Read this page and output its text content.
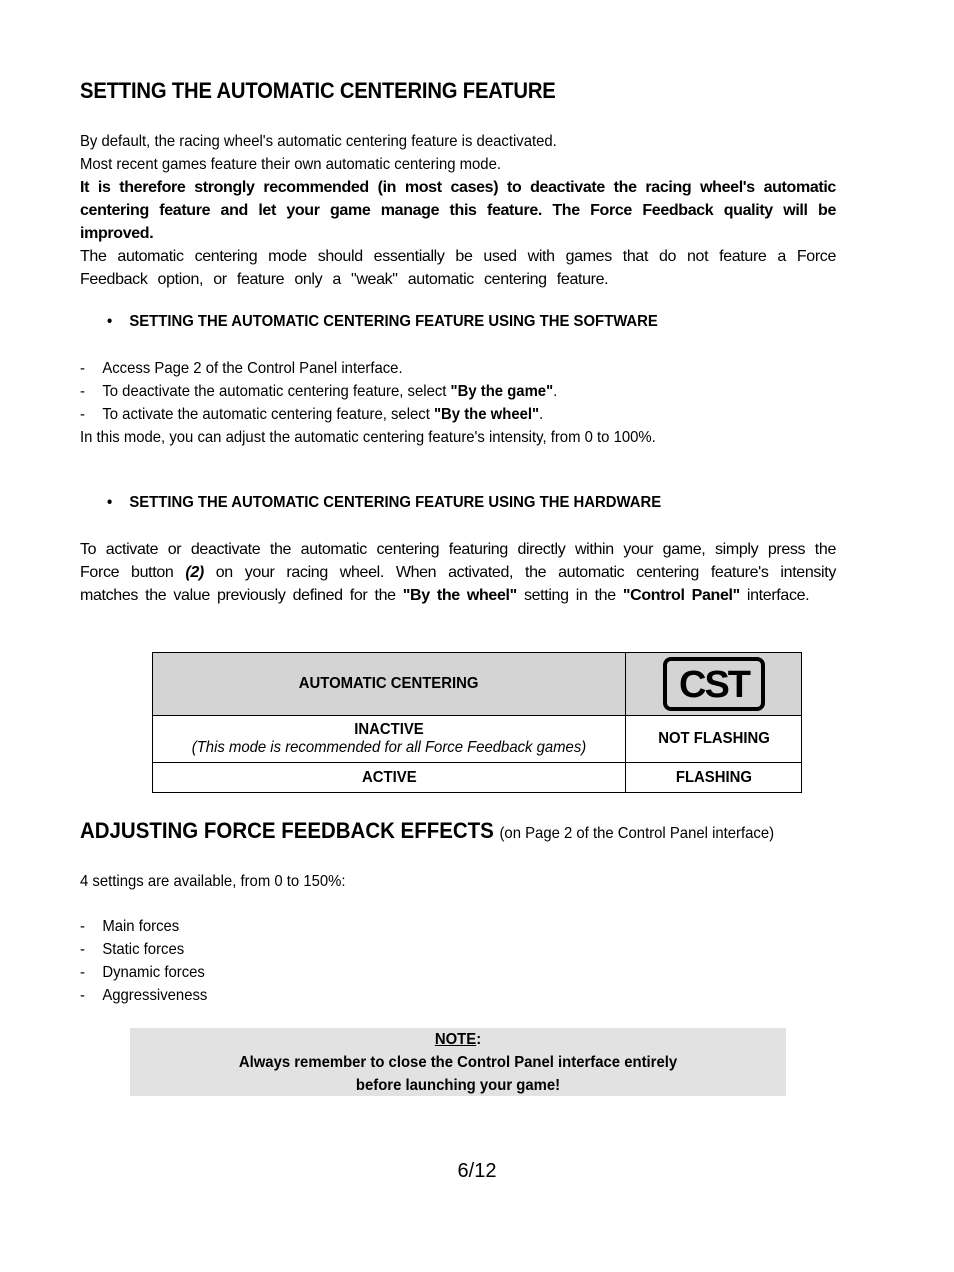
SETTING THE AUTOMATIC CENTERING FEATURE

By default, the racing wheel's automatic centering feature is deactivated.

Most recent games feature their own automatic centering mode.

It is therefore strongly recommended (in most cases) to deactivate the racing wheel's automatic centering feature and let your game manage this feature. The Force Feedback quality will be improved.

The automatic centering mode should essentially be used with games that do not feature a Force Feedback option, or feature only a "weak" automatic centering feature.

• SETTING THE AUTOMATIC CENTERING FEATURE USING THE SOFTWARE
-	Access Page 2 of the Control Panel interface.
-	To deactivate the automatic centering feature, select "By the game".
-	To activate the automatic centering feature, select "By the wheel".
In this mode, you can adjust the automatic centering feature's intensity, from 0 to 100%.
• SETTING THE AUTOMATIC CENTERING FEATURE USING THE HARDWARE
To activate or deactivate the automatic centering featuring directly within your game, simply press the Force button (2) on your racing wheel. When activated, the automatic centering feature's intensity matches the value previously defined for the "By the wheel" setting in the "Control Panel" interface.
AUTOMATIC CENTERING	CST

INACTIVE
(This mode is recommended for all Force Feedback games)	NOT FLASHING
ACTIVE	FLASHING
ADJUSTING FORCE FEEDBACK EFFECTS (on Page 2 of the Control Panel interface)
4 settings are available, from 0 to 150%:
-	Main forces
-	Static forces
-	Dynamic forces
-	Aggressiveness
NOTE:
Always remember to close the Control Panel interface entirely
before launching your game!
6/12
